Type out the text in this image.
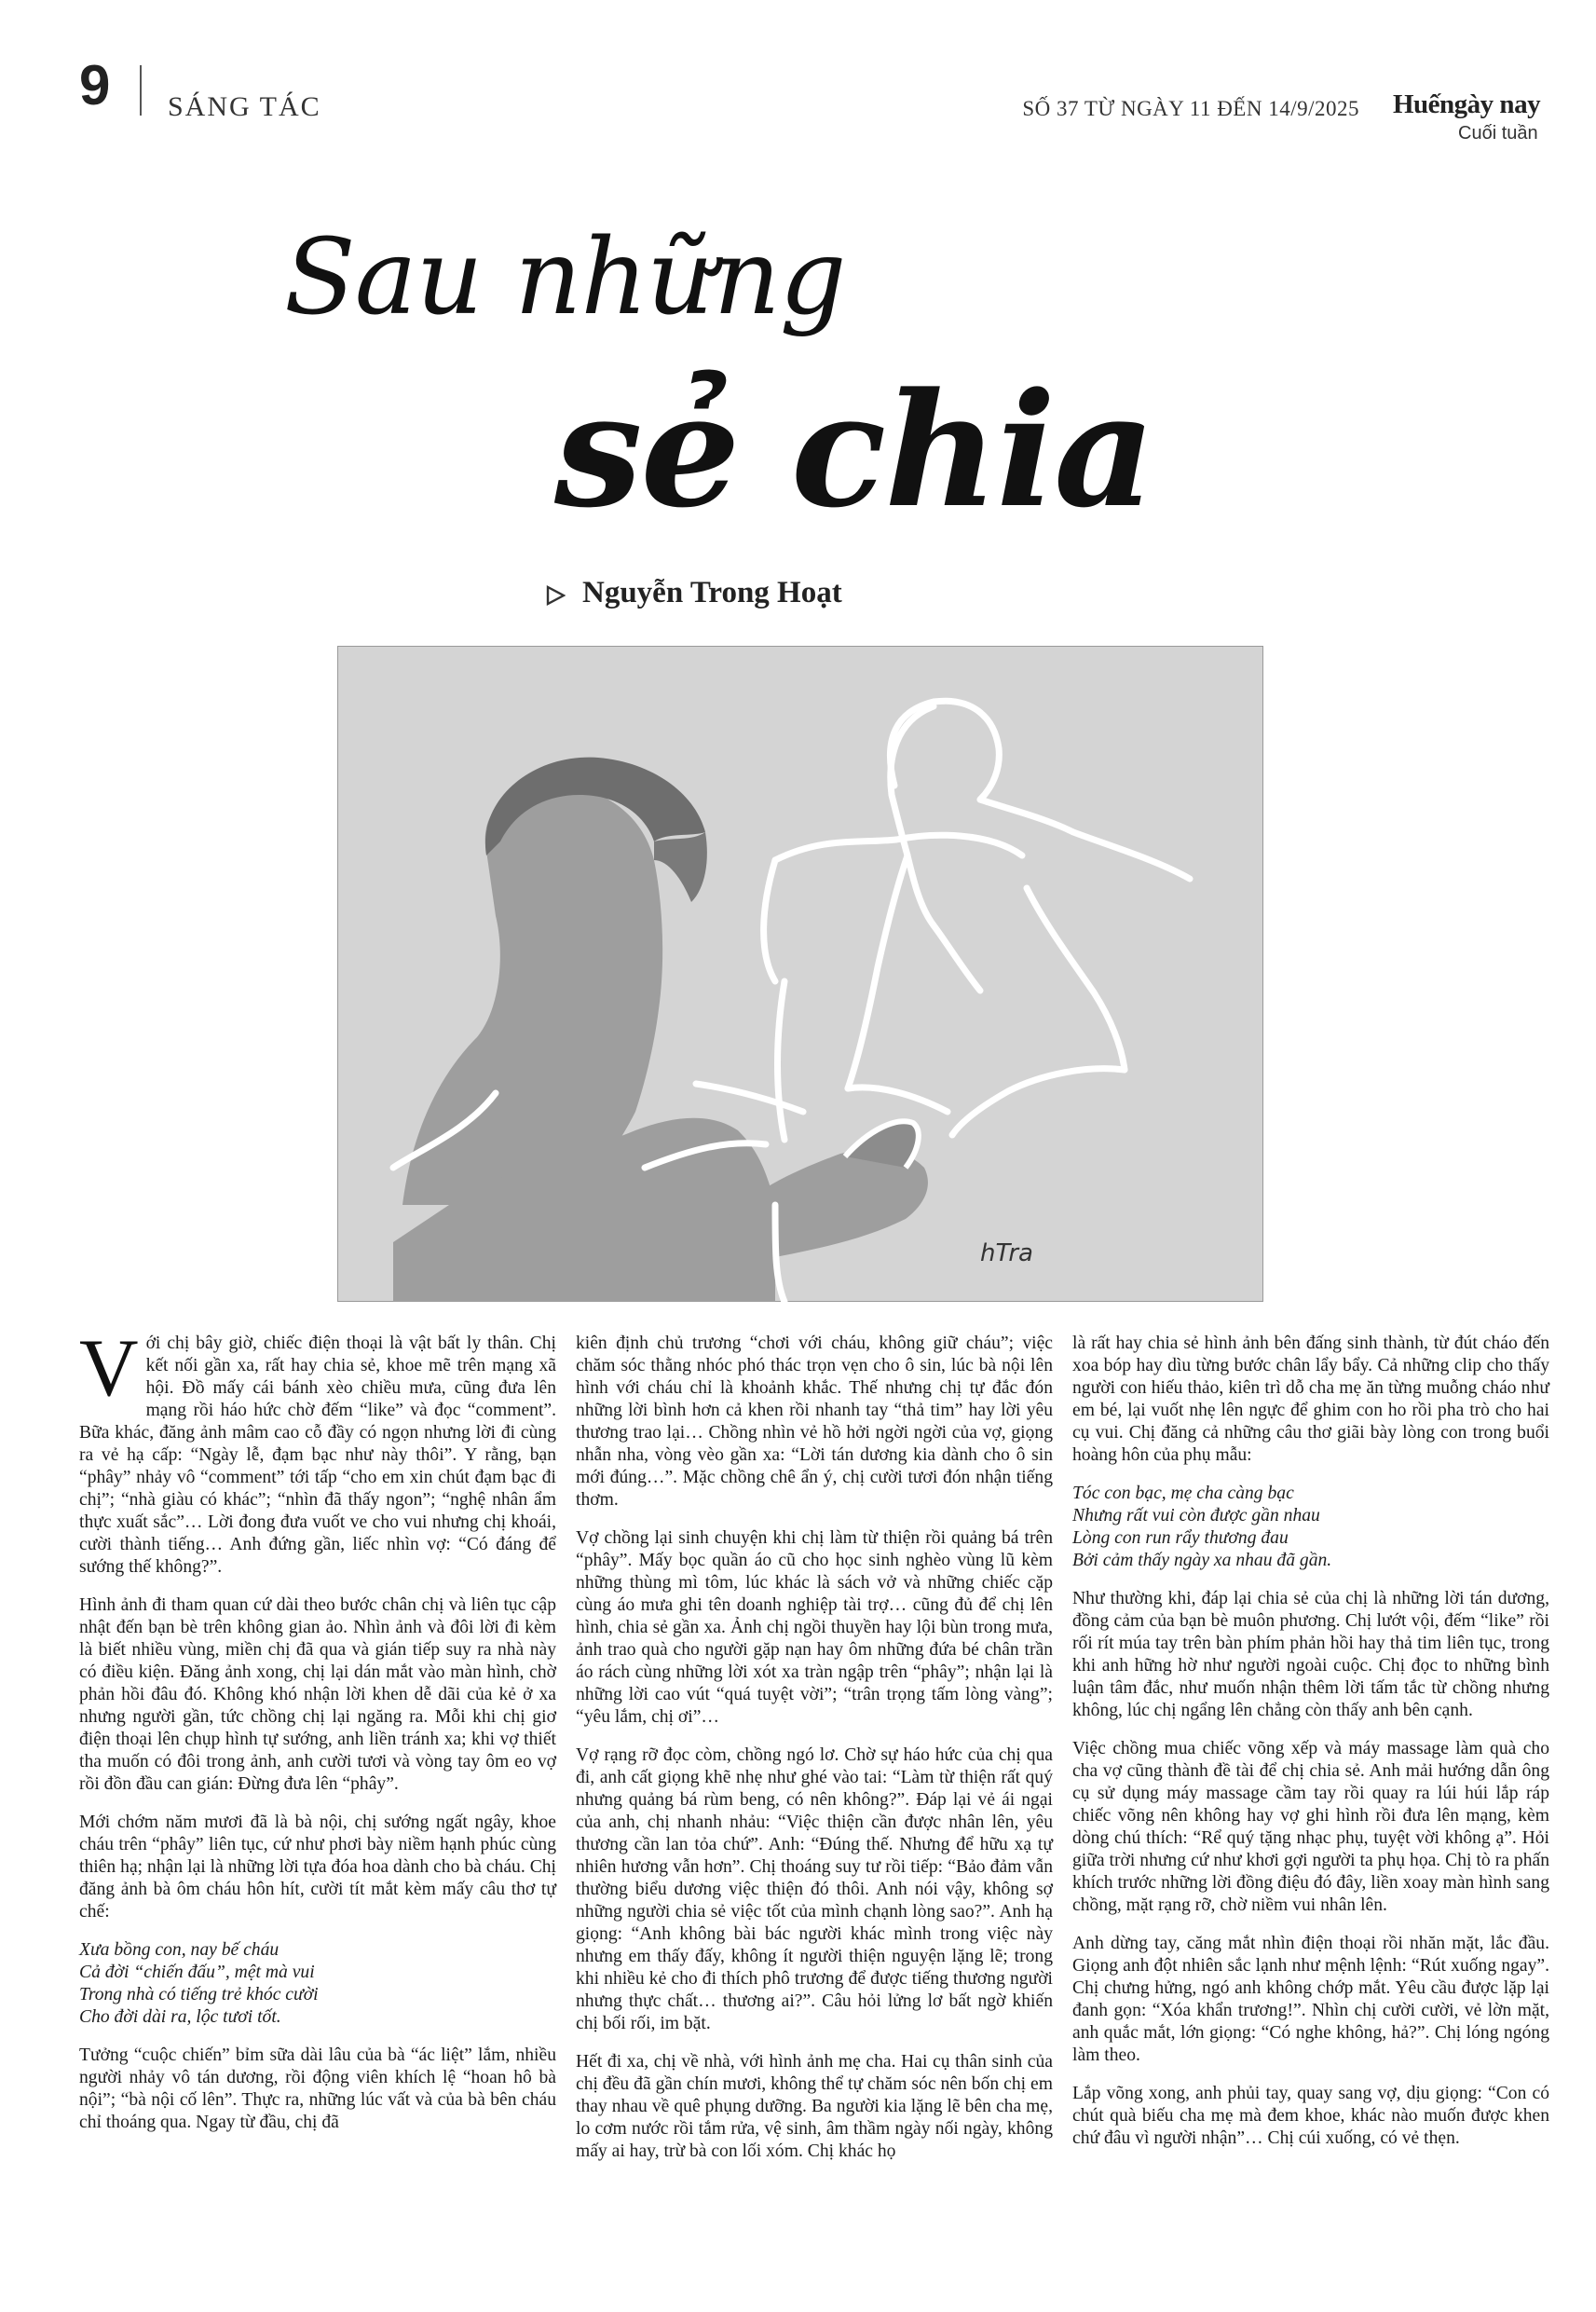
9 SÁNG TÁC	SỐ 37 TỪ NGÀY 11 ĐẾN 14/9/2025 Huếngày nay
Cuối tuần
Sau những
sẻ chia
Nguyễn Trong Hoạt
hTra

Với chị bây giờ, chiếc điện thoại là vật bất ly thân. Chị kết nối gần xa, rất hay chia sẻ, khoe mẽ trên mạng xã hội. Đồ mấy cái bánh xèo chiều mưa, cũng đưa lên mạng rồi háo hức chờ đếm “like” và đọc “comment”. Bữa khác, đăng ảnh mâm cao cỗ đầy có ngọn nhưng lời đi cùng ra vẻ hạ cấp: “Ngày lễ, đạm bạc như này thôi”. Y rằng, bạn “phây” nhảy vô “comment” tới tấp “cho em xin chút đạm bạc đi chị”; “nhà giàu có khác”; “nhìn đã thấy ngon”; “nghệ nhân ẩm thực xuất sắc”… Lời đong đưa vuốt ve cho vui nhưng chị khoái, cười thành tiếng… Anh đứng gần, liếc nhìn vợ: “Có đáng để sướng thế không?”.

Hình ảnh đi tham quan cứ dài theo bước chân chị và liên tục cập nhật đến bạn bè trên không gian ảo. Nhìn ảnh và đôi lời đi kèm là biết nhiều vùng, miền chị đã qua và gián tiếp suy ra nhà này có điều kiện. Đăng ảnh xong, chị lại dán mắt vào màn hình, chờ phản hồi đâu đó. Không khó nhận lời khen dễ dãi của kẻ ở xa nhưng người gần, tức chồng chị lại ngăng ra. Mỗi khi chị giơ điện thoại lên chụp hình tự sướng, anh liền tránh xa; khi vợ thiết tha muốn có đôi trong ảnh, anh cười tươi và vòng tay ôm eo vợ rồi đồn đầu can gián: Đừng đưa lên “phây”.

Mới chớm năm mươi đã là bà nội, chị sướng ngất ngây, khoe cháu trên “phây” liên tục, cứ như phơi bày niềm hạnh phúc cùng thiên hạ; nhận lại là những lời tựa đóa hoa dành cho bà cháu. Chị đăng ảnh bà ôm cháu hôn hít, cười tít mắt kèm mấy câu thơ tự chế:

Xưa bồng con, nay bế cháu
Cả đời “chiến đấu”, mệt mà vui
Trong nhà có tiếng trẻ khóc cười
Cho đời dài ra, lộc tươi tốt.

Tưởng “cuộc chiến” bỉm sữa dài lâu của bà “ác liệt” lắm, nhiều người nhảy vô tán dương, rồi động viên khích lệ “hoan hô bà nội”; “bà nội cố lên”. Thực ra, những lúc vất và của bà bên cháu chỉ thoáng qua. Ngay từ đầu, chị đã

kiên định chủ trương “chơi với cháu, không giữ cháu”; việc chăm sóc thằng nhóc phó thác trọn vẹn cho ô sin, lúc bà nội lên hình với cháu chỉ là khoảnh khắc. Thế nhưng chị tự đắc đón những lời bình hơn cả khen rồi nhanh tay “thả tim” hay lời yêu thương trao lại… Chồng nhìn vẻ hồ hởi ngời ngời của vợ, giọng nhẫn nha, vòng vèo gần xa: “Lời tán dương kia dành cho ô sin mới đúng…”. Mặc chồng chê ẩn ý, chị cười tươi đón nhận tiếng thơm.

Vợ chồng lại sinh chuyện khi chị làm từ thiện rồi quảng bá trên “phây”. Mấy bọc quần áo cũ cho học sinh nghèo vùng lũ kèm những thùng mì tôm, lúc khác là sách vở và những chiếc cặp cùng áo mưa ghi tên doanh nghiệp tài trợ… cũng đủ để chị lên hình, chia sẻ gần xa. Ảnh chị ngồi thuyền hay lội bùn trong mưa, ảnh trao quà cho người gặp nạn hay ôm những đứa bé chân trần áo rách cùng những lời xót xa tràn ngập trên “phây”; nhận lại là những lời cao vút “quá tuyệt vời”; “trân trọng tấm lòng vàng”; “yêu lắm, chị ơi”…

Vợ rạng rỡ đọc còm, chồng ngó lơ. Chờ sự háo hức của chị qua đi, anh cất giọng khẽ nhẹ như ghé vào tai: “Làm từ thiện rất quý nhưng quảng bá rùm beng, có nên không?”. Đáp lại vẻ ái ngại của anh, chị nhanh nhảu: “Việc thiện cần được nhân lên, yêu thương cần lan tỏa chứ”. Anh: “Đúng thế. Nhưng để hữu xạ tự nhiên hương vẫn hơn”. Chị thoáng suy tư rồi tiếp: “Bảo đảm vẫn thường biểu dương việc thiện đó thôi. Anh nói vậy, không sợ những người chia sẻ việc tốt của mình chạnh lòng sao?”. Anh hạ giọng: “Anh không bài bác người khác mình trong việc này nhưng em thấy đấy, không ít người thiện nguyện lặng lẽ; trong khi nhiều kẻ cho đi thích phô trương để được tiếng thương người nhưng thực chất… thương ai?”. Câu hỏi lửng lơ bất ngờ khiến chị bối rối, im bặt.

Hết đi xa, chị về nhà, với hình ảnh mẹ cha. Hai cụ thân sinh của chị đều đã gần chín mươi, không thể tự chăm sóc nên bốn chị em thay nhau về quê phụng dưỡng. Ba người kia lặng lẽ bên cha mẹ, lo cơm nước rồi tắm rửa, vệ sinh, âm thầm ngày nối ngày, không mấy ai hay, trừ bà con lối xóm. Chị khác họ

là rất hay chia sẻ hình ảnh bên đấng sinh thành, từ đút cháo đến xoa bóp hay dìu từng bước chân lẩy bẩy. Cả những clip cho thấy người con hiếu thảo, kiên trì dỗ cha mẹ ăn từng muỗng cháo như em bé, lại vuốt nhẹ lên ngực để ghim con ho rồi pha trò cho hai cụ vui. Chị đăng cả những câu thơ giãi bày lòng con trong buổi hoàng hôn của phụ mẫu:

Tóc con bạc, mẹ cha càng bạc
Nhưng rất vui còn được gần nhau
Lòng con run rẩy thương đau
Bởi cảm thấy ngày xa nhau đã gần.

Như thường khi, đáp lại chia sẻ của chị là những lời tán dương, đồng cảm của bạn bè muôn phương. Chị lướt vội, đếm “like” rồi rối rít múa tay trên bàn phím phản hồi hay thả tim liên tục, trong khi anh hững hờ như người ngoài cuộc. Chị đọc to những bình luận tâm đắc, như muốn nhận thêm lời tấm tắc từ chồng nhưng không, lúc chị ngẩng lên chẳng còn thấy anh bên cạnh.

Việc chồng mua chiếc võng xếp và máy massage làm quà cho cha vợ cũng thành đề tài để chị chia sẻ. Anh mải hướng dẫn ông cụ sử dụng máy massage cầm tay rồi quay ra lúi húi lắp ráp chiếc võng nên không hay vợ ghi hình rồi đưa lên mạng, kèm dòng chú thích: “Rể quý tặng nhạc phụ, tuyệt vời không ạ”. Hỏi giữa trời nhưng cứ như khơi gợi người ta phụ họa. Chị tò ra phấn khích trước những lời đồng điệu đó đây, liền xoay màn hình sang chồng, mặt rạng rỡ, chờ niềm vui nhân lên.

Anh dừng tay, căng mắt nhìn điện thoại rồi nhăn mặt, lắc đầu. Giọng anh đột nhiên sắc lạnh như mệnh lệnh: “Rút xuống ngay”. Chị chưng hửng, ngó anh không chớp mắt. Yêu cầu được lặp lại đanh gọn: “Xóa khẩn trương!”. Nhìn chị cười cười, vẻ lờn mặt, anh quắc mắt, lớn giọng: “Có nghe không, hả?”. Chị lóng ngóng làm theo.

Lắp võng xong, anh phủi tay, quay sang vợ, dịu giọng: “Con có chút quà biếu cha mẹ mà đem khoe, khác nào muốn được khen chứ đâu vì người nhận”… Chị cúi xuống, có vẻ thẹn.
